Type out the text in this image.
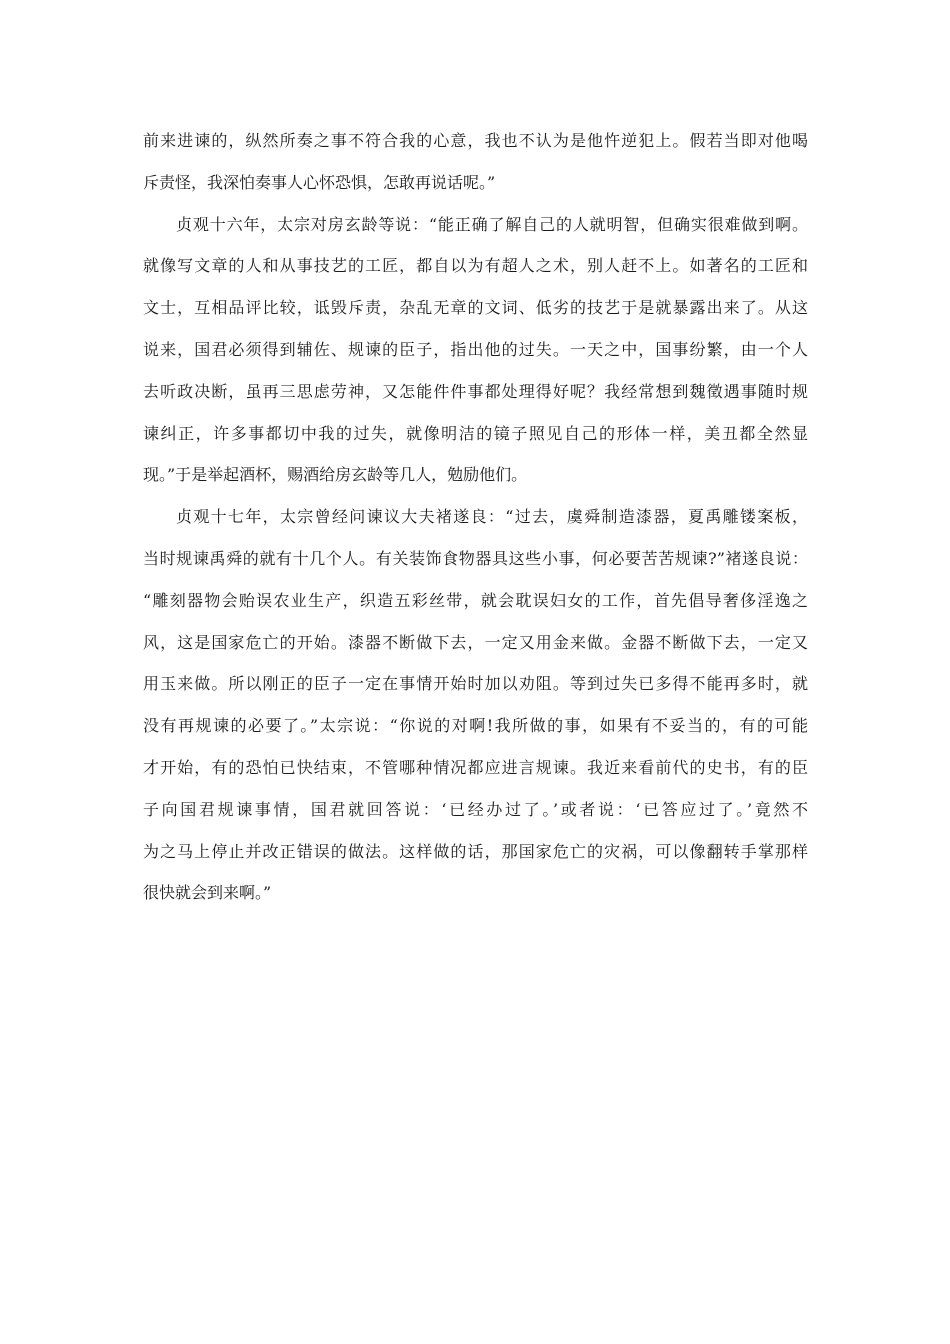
前来进谏的，纵然所奏之事不符合我的心意，我也不认为是他忤逆犯上。假若当即对他喝
斥责怪，我深怕奏事人心怀恐惧，怎敢再说话呢。”
贞观十六年，太宗对房玄龄等说：“能正确了解自己的人就明智，但确实很难做到啊。
就像写文章的人和从事技艺的工匠，都自以为有超人之术，别人赶不上。如著名的工匠和
文士，互相品评比较，诋毁斥责，杂乱无章的文词、低劣的技艺于是就暴露出来了。从这
说来，国君必须得到辅佐、规谏的臣子，指出他的过失。一天之中，国事纷繁，由一个人
去听政决断，虽再三思虑劳神，又怎能件件事都处理得好呢？我经常想到魏徵遇事随时规
谏纠正，许多事都切中我的过失，就像明洁的镜子照见自己的形体一样，美丑都全然显
现。”于是举起酒杯，赐酒给房玄龄等几人，勉励他们。
贞观十七年，太宗曾经问谏议大夫褚遂良：“过去，虞舜制造漆器，夏禹雕镂案板，
当时规谏禹舜的就有十几个人。有关装饰食物器具这些小事，何必要苦苦规谏?”褚遂良说：
“雕刻器物会贻误农业生产，织造五彩丝带，就会耽误妇女的工作，首先倡导奢侈淫逸之
风，这是国家危亡的开始。漆器不断做下去，一定又用金来做。金器不断做下去，一定又
用玉来做。所以刚正的臣子一定在事情开始时加以劝阻。等到过失已多得不能再多时，就
没有再规谏的必要了。”太宗说：“你说的对啊!我所做的事，如果有不妥当的，有的可能
才开始，有的恐怕已快结束，不管哪种情况都应进言规谏。我近来看前代的史书，有的臣
子向国君规谏事情，国君就回答说：‘已经办过了。’或者说：‘已答应过了。’竟然不
为之马上停止并改正错误的做法。这样做的话，那国家危亡的灾祸，可以像翻转手掌那样
很快就会到来啊。”
